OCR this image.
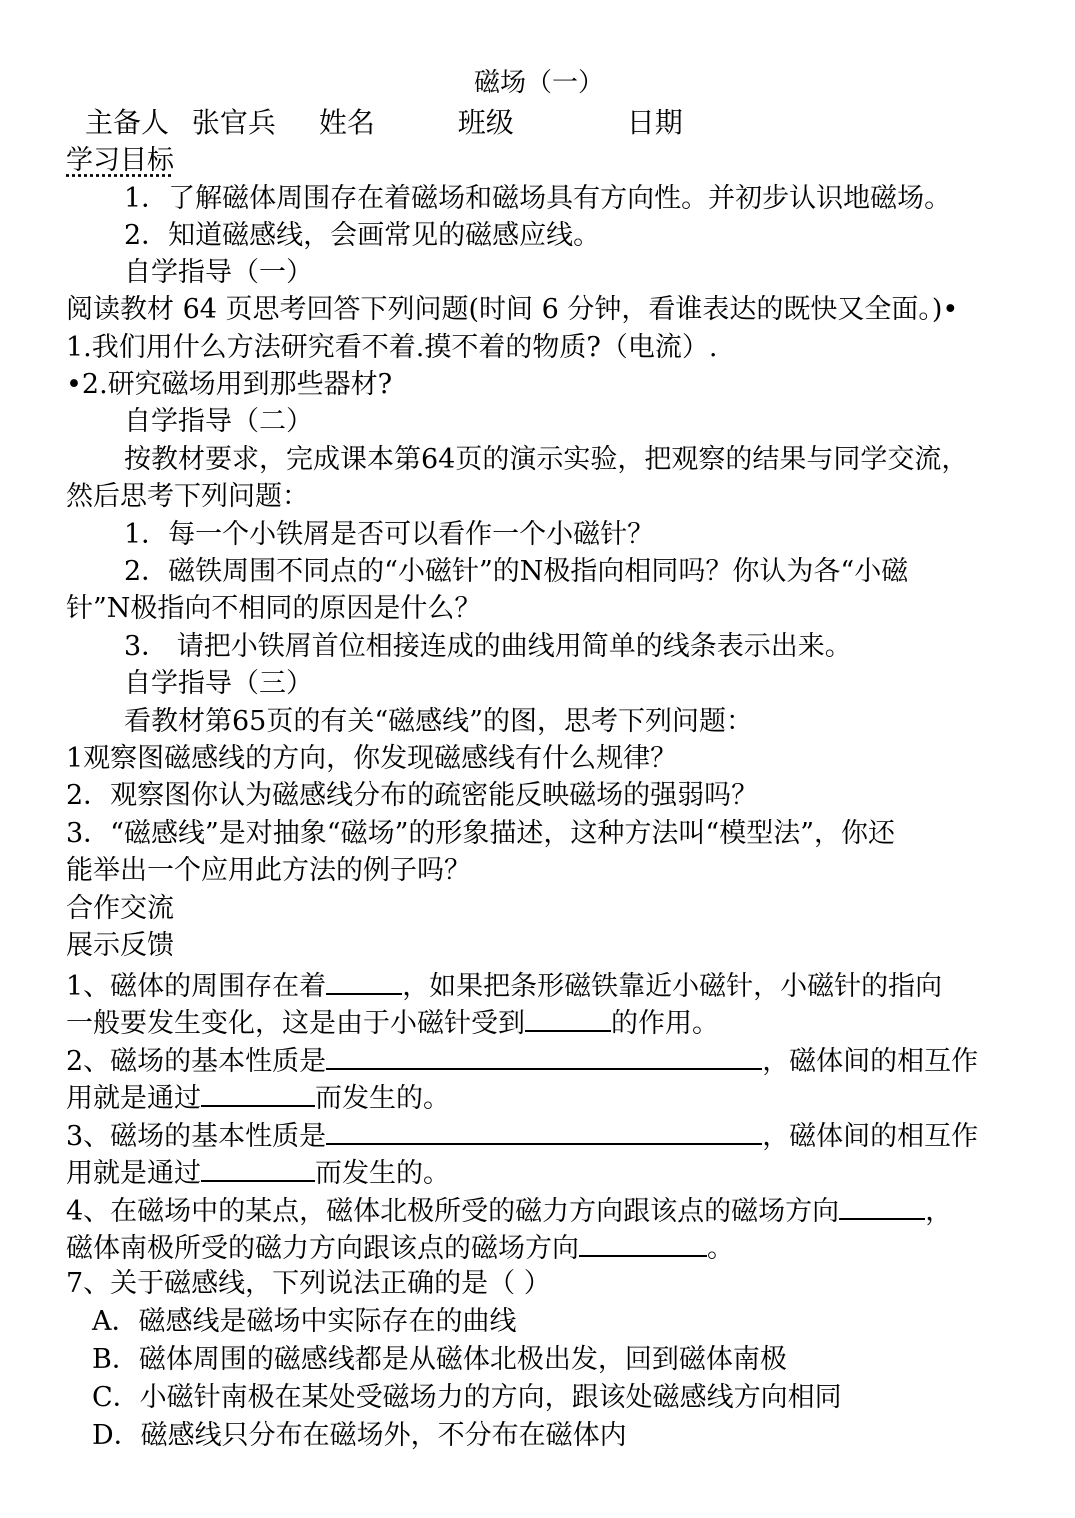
磁场（一）
主备人 张官兵 姓名	班级	日期
学习目标
1．了解磁体周围存在着磁场和磁场具有方向性。并初步认识地磁场。
2．知道磁感线，会画常见的磁感应线。
自学指导（一）
阅读教材 64 页思考回答下列问题(时间 6 分钟，看谁表达的既快又全面。)•
1.我们用什么方法研究看不着.摸不着的物质?（电流）.
•2.研究磁场用到那些器材?
自学指导（二）
按教材要求，完成课本第64页的演示实验，把观察的结果与同学交流，
然后思考下列问题：
1．每一个小铁屑是否可以看作一个小磁针？
2．磁铁周围不同点的“小磁针”的N极指向相同吗？你认为各“小磁
针”N极指向不相同的原因是什么？
3． 请把小铁屑首位相接连成的曲线用简单的线条表示出来。
自学指导（三）
看教材第65页的有关“磁感线”的图，思考下列问题：
1观察图磁感线的方向，你发现磁感线有什么规律？
2．观察图你认为磁感线分布的疏密能反映磁场的强弱吗？
3．“磁感线”是对抽象“磁场”的形象描述，这种方法叫“模型法”，你还
能举出一个应用此方法的例子吗？
合作交流
展示反馈
1、磁体的周围存在着	，如果把条形磁铁靠近小磁针，小磁针的指向
一般要发生变化，这是由于小磁针受到	的作用。
2、磁场的基本性质是	，磁体间的相互作
用就是通过	而发生的。
3、磁场的基本性质是	，磁体间的相互作
用就是通过	而发生的。
4、在磁场中的某点，磁体北极所受的磁力方向跟该点的磁场方向	，
磁体南极所受的磁力方向跟该点的磁场方向	。
7、关于磁感线，下列说法正确的是（ ）
A．磁感线是磁场中实际存在的曲线
B．磁体周围的磁感线都是从磁体北极出发，回到磁体南极
C．小磁针南极在某处受磁场力的方向，跟该处磁感线方向相同
D．磁感线只分布在磁场外，不分布在磁体内
